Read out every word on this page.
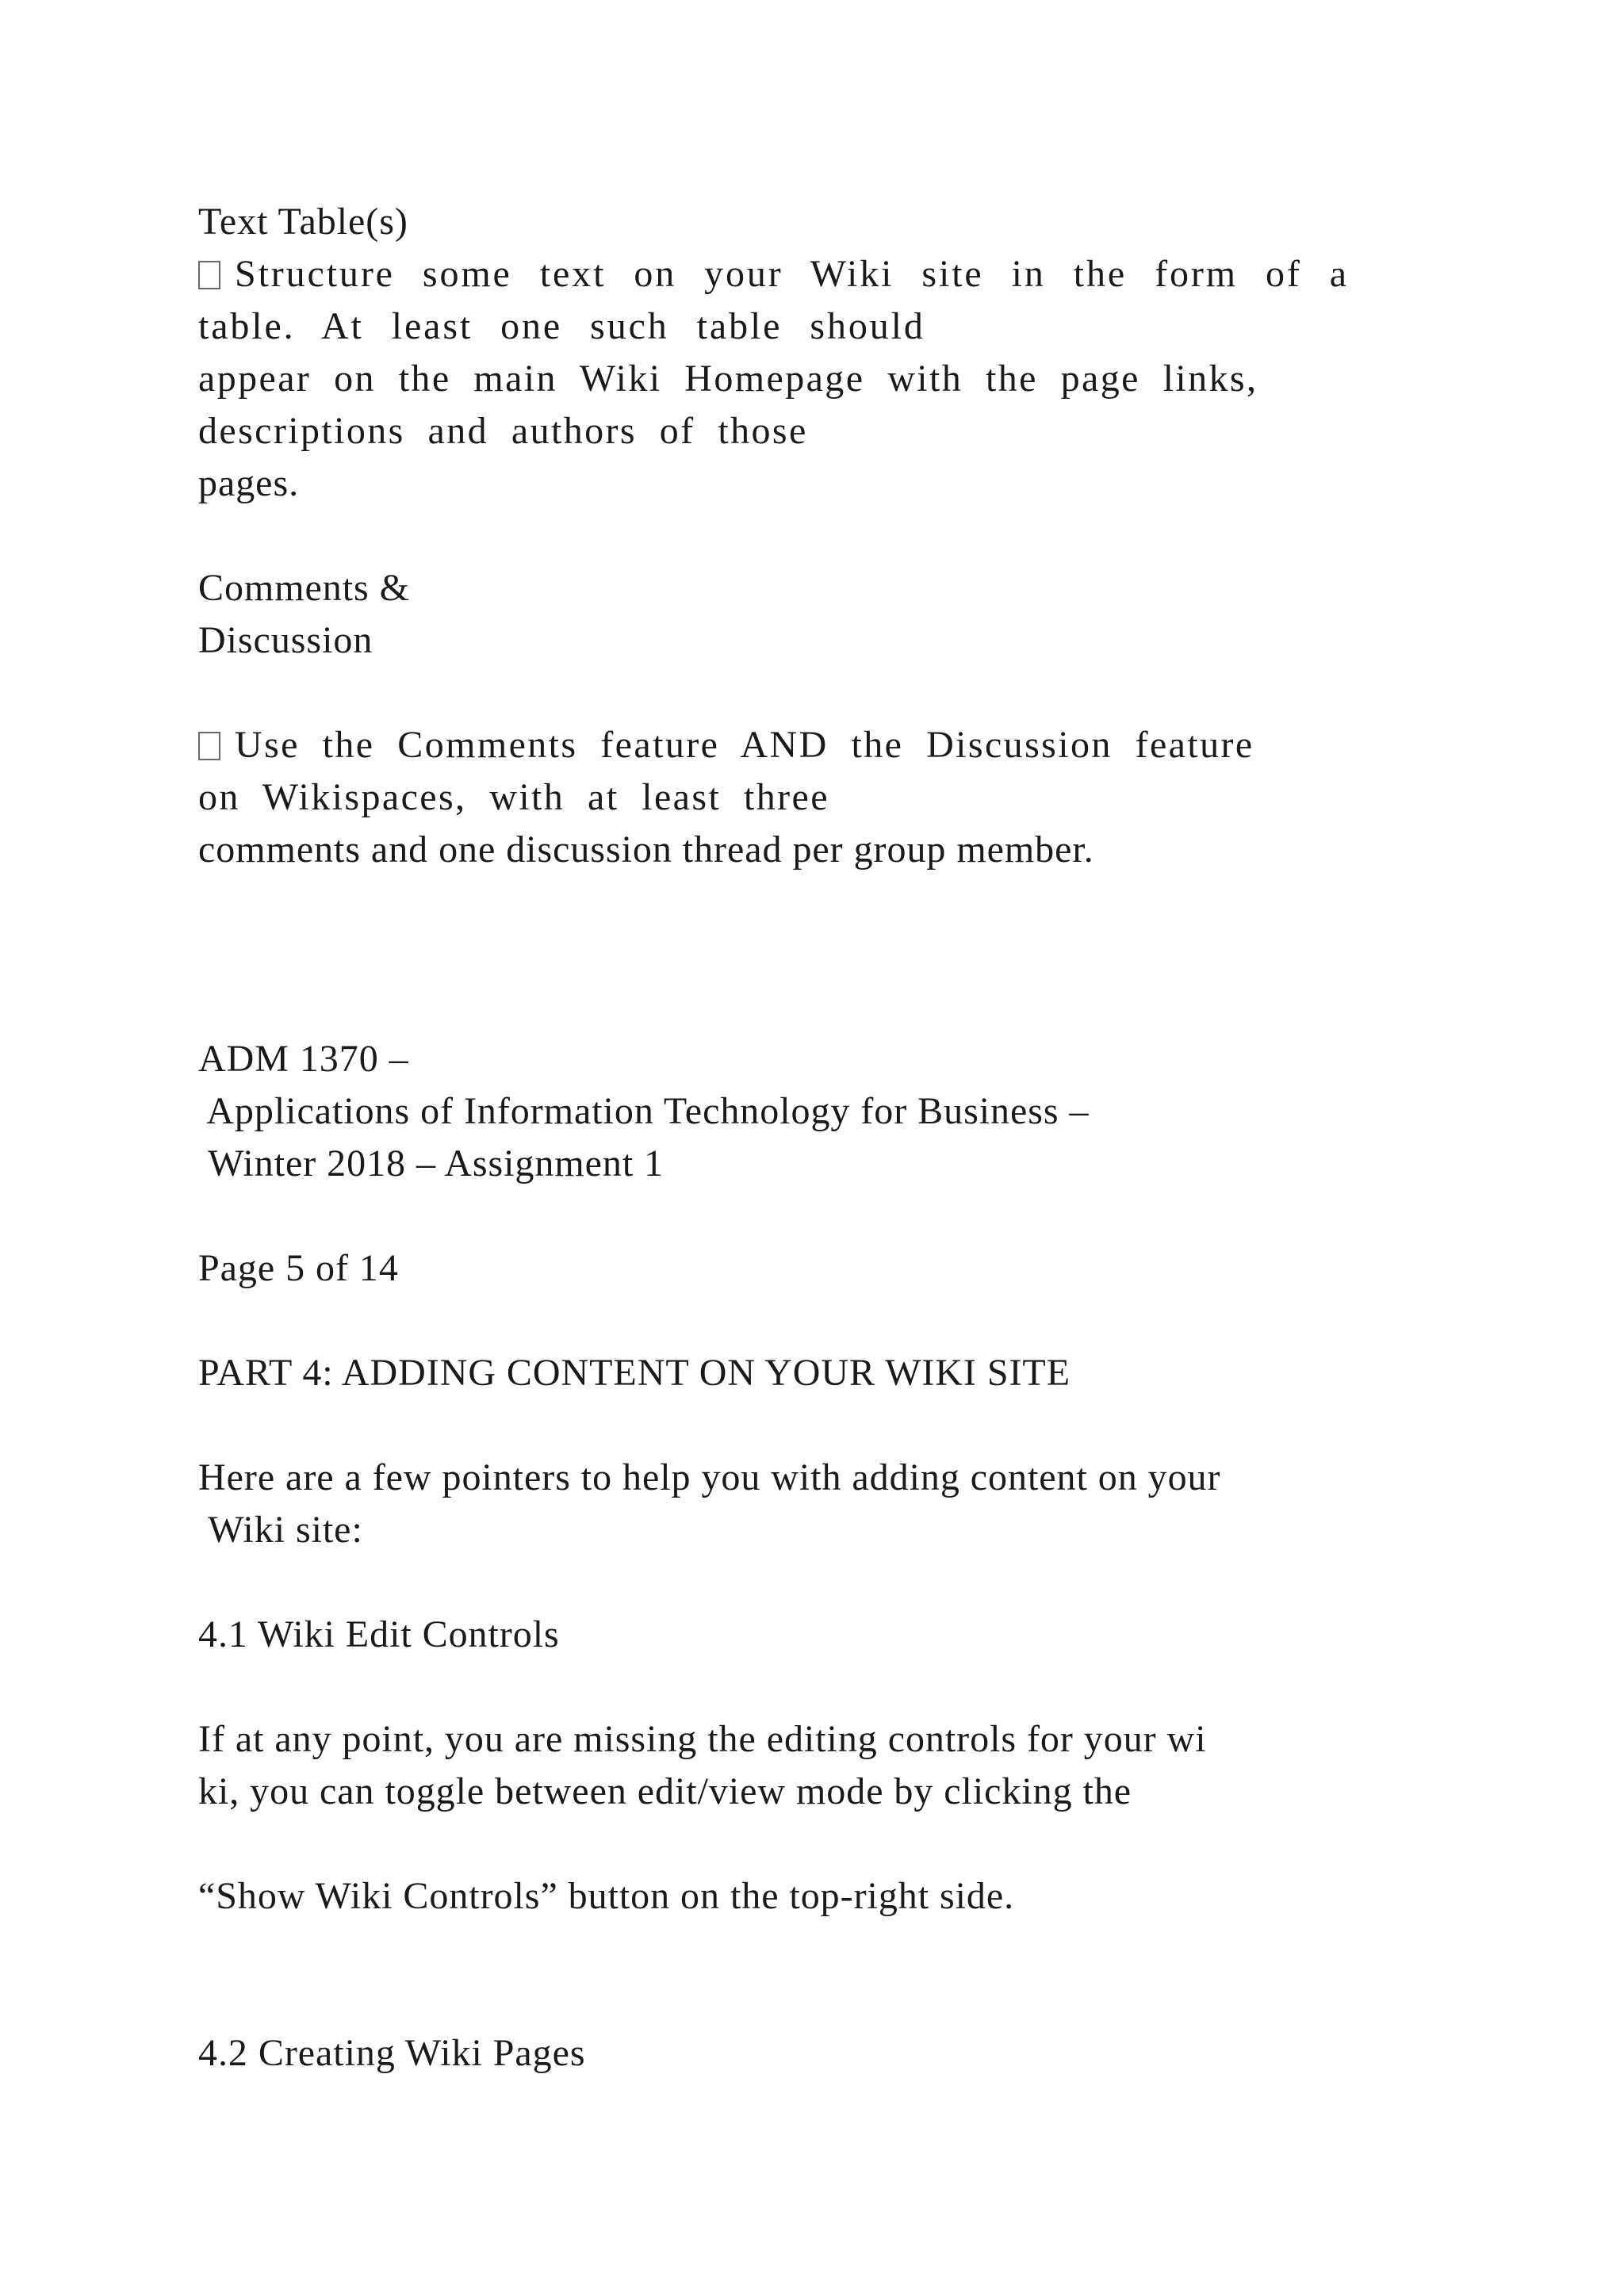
Text Table(s)

Structure some text on your Wiki site in the form of a

table. At least one such table should

appear on the main Wiki Homepage with the page links,

descriptions and authors of those

pages.

Comments &

Discussion

Use the Comments feature AND the Discussion feature

on Wikispaces, with at least three

comments and one discussion thread per group member.

ADM 1370 –

Applications of Information Technology for Business –

Winter 2018 – Assignment 1

Page 5 of 14

PART 4: ADDING CONTENT ON YOUR WIKI SITE

Here are a few pointers to help you with adding content on your

Wiki site:

4.1 Wiki Edit Controls

If at any point, you are missing the editing controls for your wi

ki, you can toggle between edit/view mode by clicking the

“Show Wiki Controls” button on the top-right side.

4.2 Creating Wiki Pages
